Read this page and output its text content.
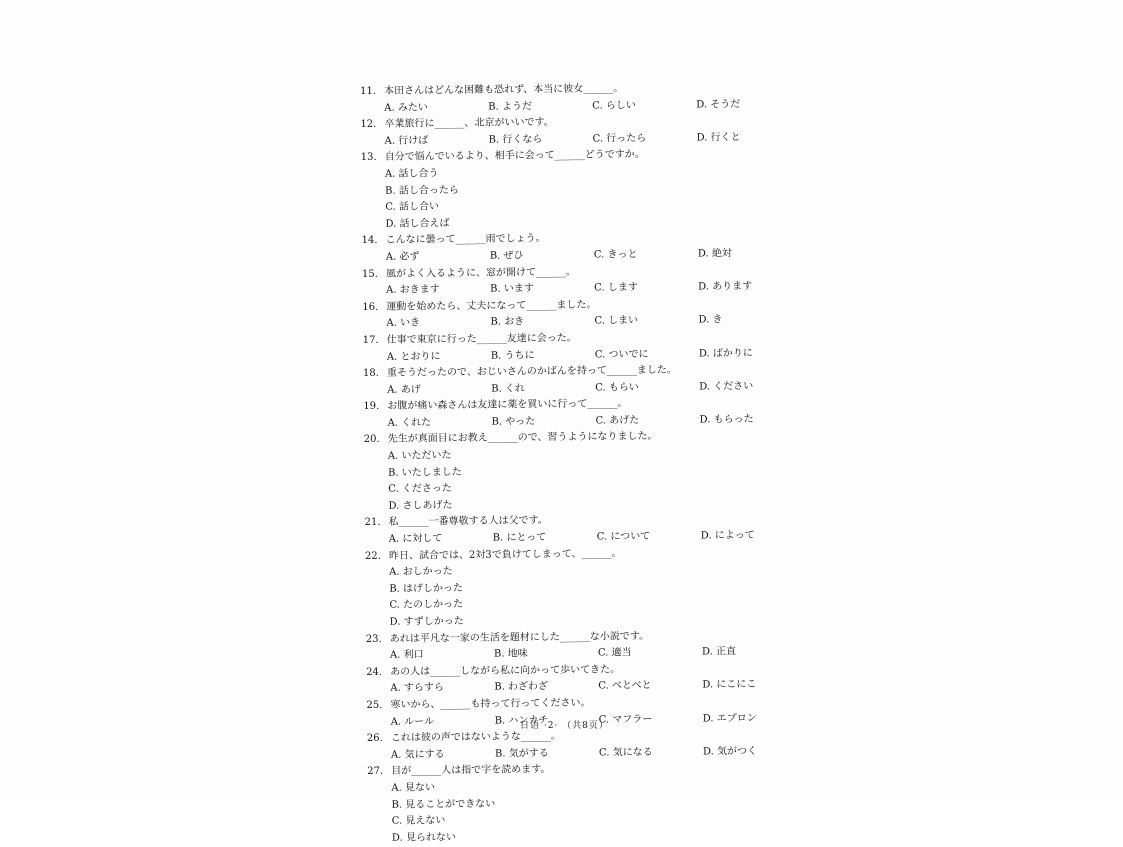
11. 本田さんはどんな困難も恐れず、本当に彼女______。
A. みたい	B. ようだ	C. らしい	D. そうだ
12. 卒業旅行に______、北京がいいです。
A. 行けば	B. 行くなら	C. 行ったら	D. 行くと
13. 自分で悩んでいるより、相手に会って______どうですか。
A. 話し合う
B. 話し合ったら
C. 話し合い
D. 話し合えば
14. こんなに曇って______雨でしょう。
A. 必ず	B. ぜひ	C. きっと	D. 絶対
15. 風がよく入るように、窓が開けて______。
A. おきます	B. います	C. します	D. あります
16. 運動を始めたら、丈夫になって______ました。
A. いき	B. おき	C. しまい	D. き
17. 仕事で東京に行った______友達に会った。
A. とおりに	B. うちに	C. ついでに	D. ばかりに
18. 重そうだったので、おじいさんのかばんを持って______ました。
A. あげ	B. くれ	C. もらい	D. ください
19. お腹が痛い森さんは友達に薬を買いに行って______。
A. くれた	B. やった	C. あげた	D. もらった
20. 先生が真面目にお教え______ので、習うようになりました。
A. いただいた
B. いたしました
C. くださった
D. さしあげた
21. 私______一番尊敬する人は父です。
A. に対して	B. にとって	C. について	D. によって
22. 昨日、試合では、2対3で負けてしまって、______。
A. おしかった
B. はげしかった
C. たのしかった
D. すずしかった
23. あれは平凡な一家の生活を題材にした______な小説です。
A. 利口	B. 地味	C. 適当	D. 正直
24. あの人は______しながら私に向かって歩いてきた。
A. すらすら	B. わざわざ	C. べとべと	D. にこにこ
25. 寒いから、______も持って行ってください。
A. ルール	B. ハンカチ	C. マフラー	D. エプロン
26. これは彼の声ではないような______。
A. 気にする	B. 気がする	C. 気になる	D. 気がつく
27. 目が______人は指で字を読めます。
A. 見ない
B. 見ることができない
C. 見えない
D. 見られない
日语 ·2· （共8页）
